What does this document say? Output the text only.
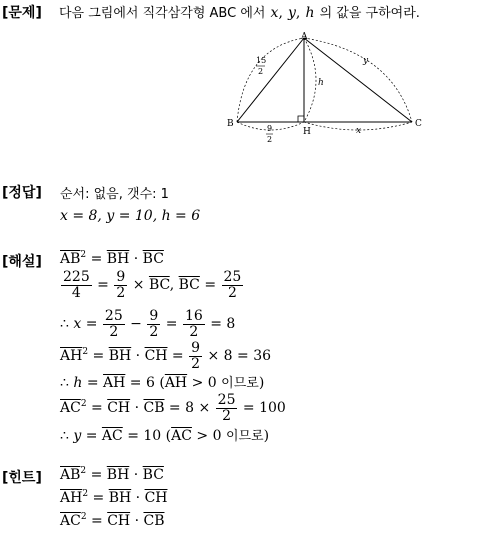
[문제] 다음 그림에서 직각삼각형 ABC 에서 x, y, h 의 값을 구하여라.
A
B	C
H
15
2
9
2
h
y
x
[정답] 순서: 없음, 갯수: 1
x = 8, y = 10, h = 6
[해설] $\overline{AB}^2 = \overline{BH} \cdot \overline{BC}$
$\frac{225}{4} = \frac{9}{2} \times \overline{BC}$, $\overline{BC} = \frac{25}{2}$
∴ $x = \frac{25}{2} - \frac{9}{2} = \frac{16}{2} = 8$
$\overline{AH}^2 = \overline{BH} \cdot \overline{CH} = \frac{9}{2} \times 8 = 36$
∴ $h = \overline{AH} = 6$ ($\overline{AH} > 0$ 이므로)
$\overline{AC}^2 = \overline{CH} \cdot \overline{CB} = 8 \times \frac{25}{2} = 100$
∴ $y = \overline{AC} = 10$ ($\overline{AC} > 0$ 이므로)
[힌트] $\overline{AB}^2 = \overline{BH} \cdot \overline{BC}$
$\overline{AH}^2 = \overline{BH} \cdot \overline{CH}$
$\overline{AC}^2 = \overline{CH} \cdot \overline{CB}$
